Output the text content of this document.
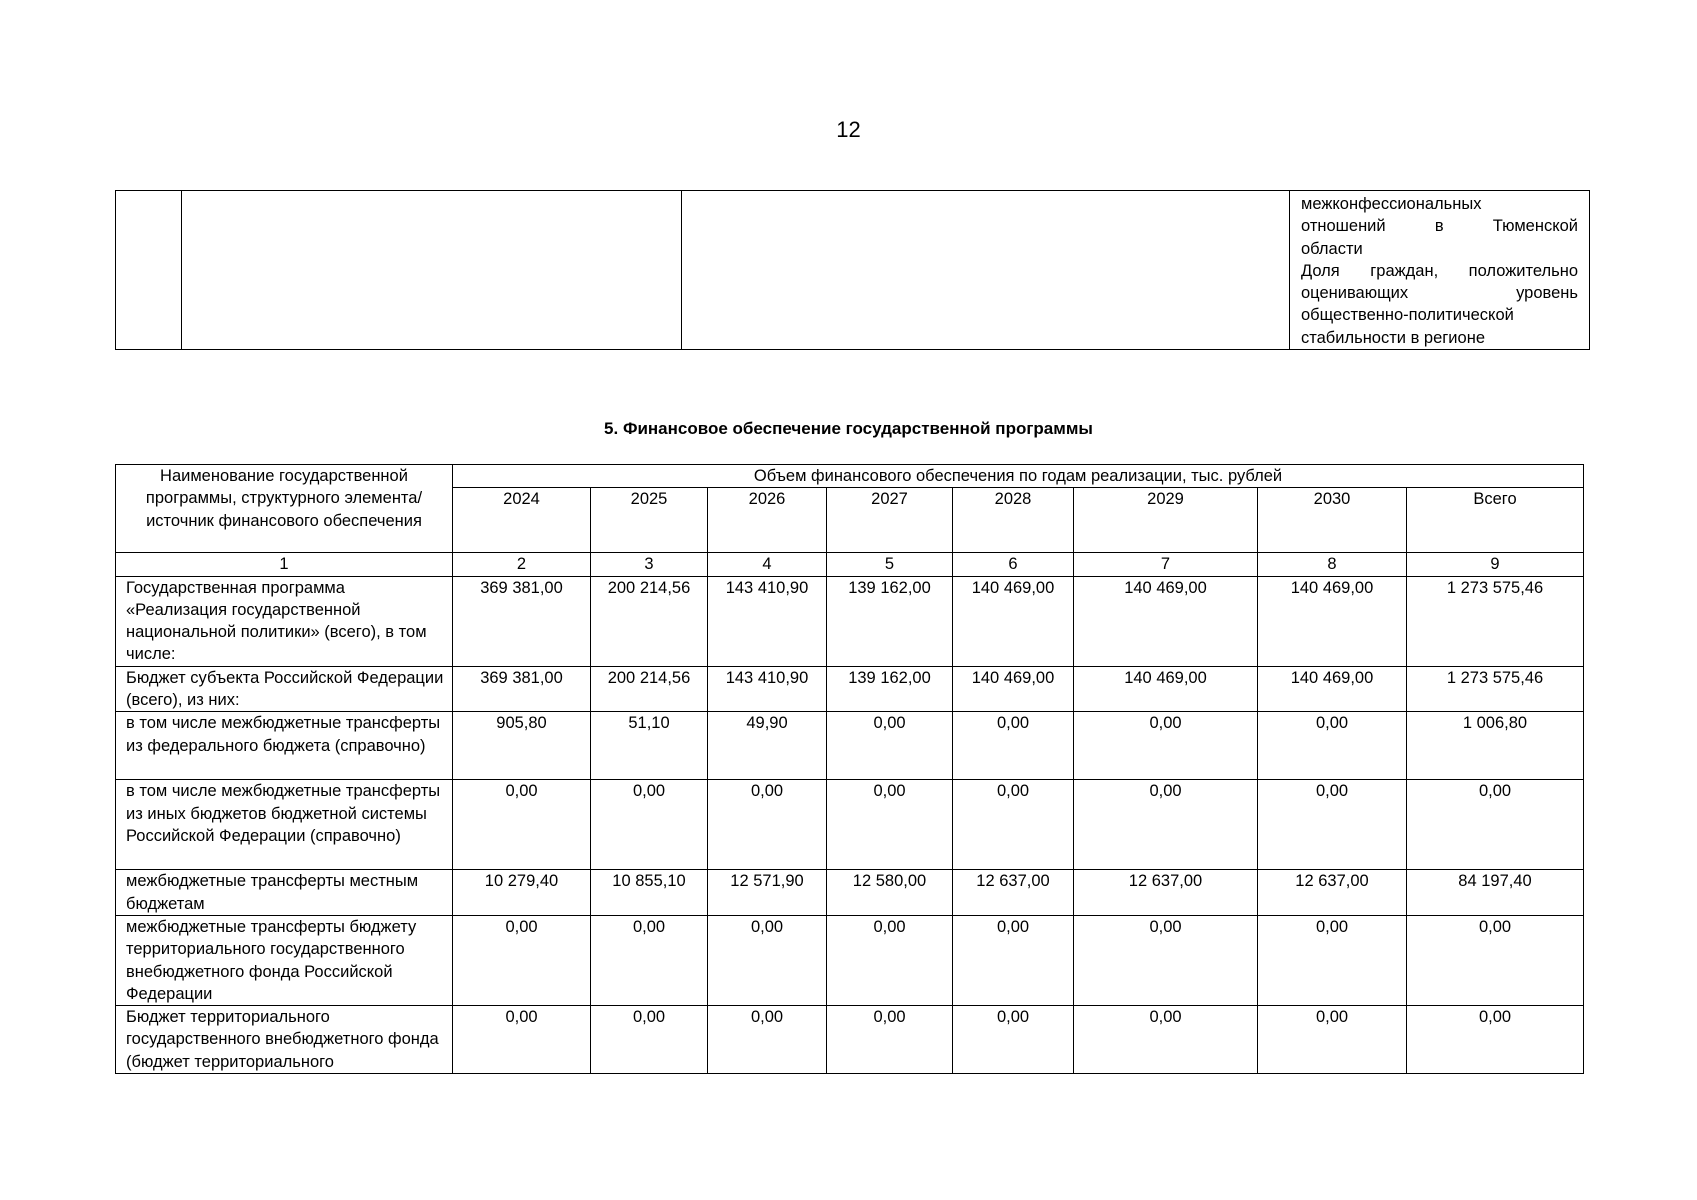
12

межконфессиональных
отношений в Тюменской
области
Доля граждан, положительно
оценивающих уровень
общественно-политической
стабильности в регионе
5. Финансовое обеспечение государственной программы
Наименование государственной программы, структурного элемента/источник финансового обеспечения	Объем финансового обеспечения по годам реализации, тыс. рублей							
	2024	2025	2026	2027	2028	2029	2030	Всего
1	2	3	4	5	6	7	8	9
Государственная программа «Реализация государственной национальной политики» (всего), в том числе:	369 381,00	200 214,56	143 410,90	139 162,00	140 469,00	140 469,00	140 469,00	1 273 575,46
Бюджет субъекта Российской Федерации (всего), из них:	369 381,00	200 214,56	143 410,90	139 162,00	140 469,00	140 469,00	140 469,00	1 273 575,46
в том числе межбюджетные трансферты из федерального бюджета (справочно)	905,80	51,10	49,90	0,00	0,00	0,00	0,00	1 006,80
в том числе межбюджетные трансферты из иных бюджетов бюджетной системы Российской Федерации (справочно)	0,00	0,00	0,00	0,00	0,00	0,00	0,00	0,00
межбюджетные трансферты местным бюджетам	10 279,40	10 855,10	12 571,90	12 580,00	12 637,00	12 637,00	12 637,00	84 197,40
межбюджетные трансферты бюджету территориального государственного внебюджетного фонда Российской Федерации	0,00	0,00	0,00	0,00	0,00	0,00	0,00	0,00
Бюджет территориального государственного внебюджетного фонда (бюджет территориального	0,00	0,00	0,00	0,00	0,00	0,00	0,00	0,00
